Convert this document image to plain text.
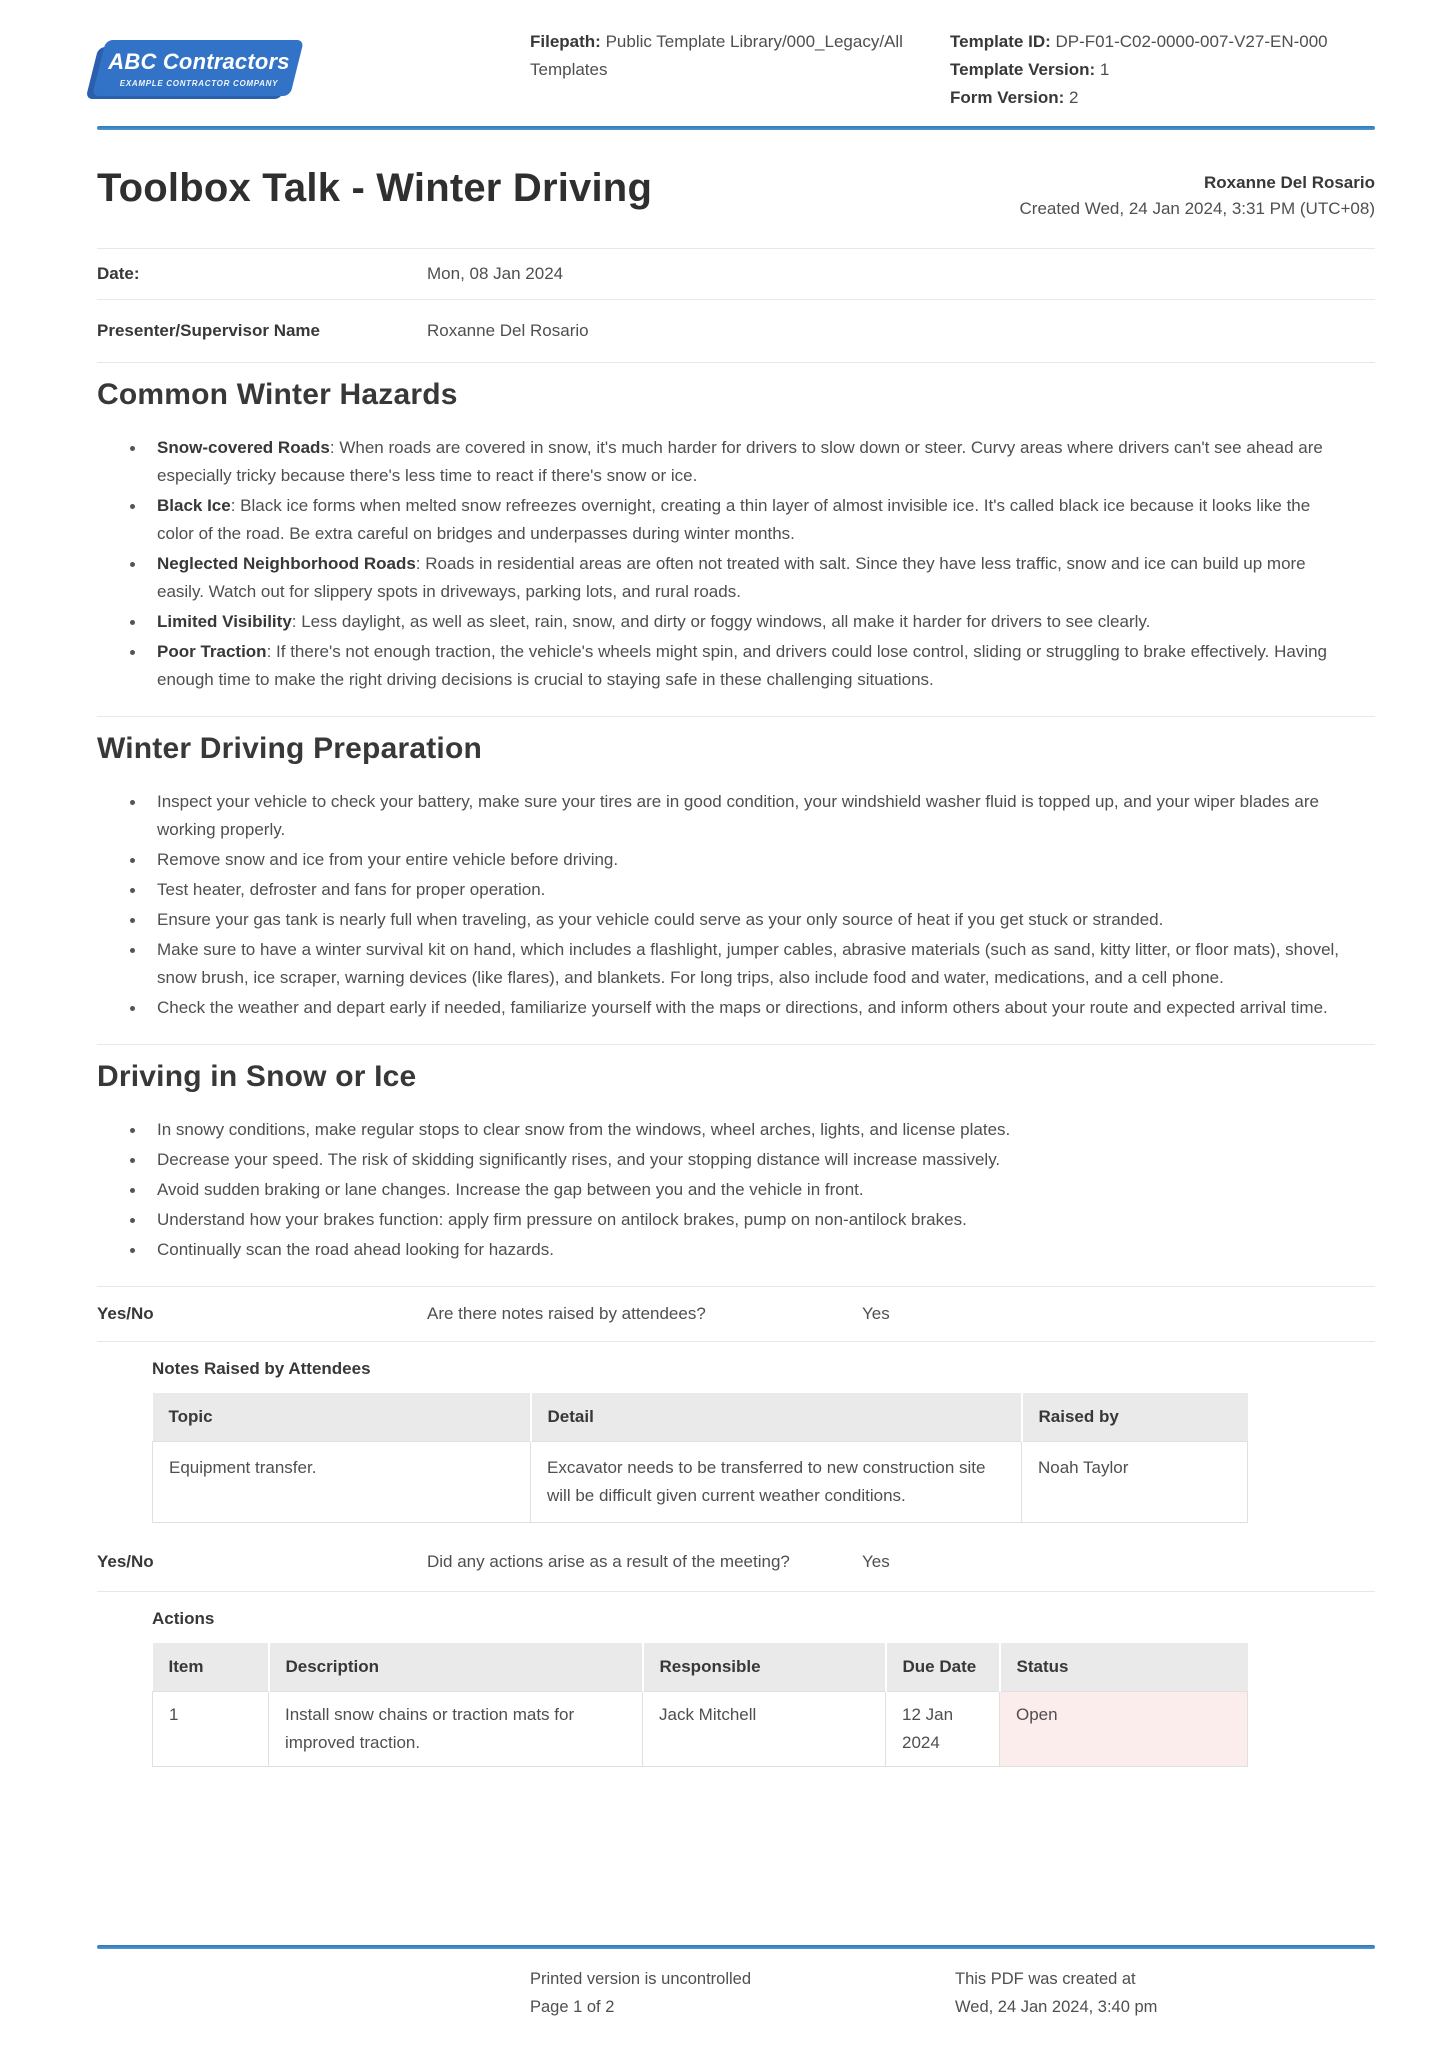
ABC Contractors
EXAMPLE CONTRACTOR COMPANY
Filepath: Public Template Library/000_Legacy/All Templates
Template ID: DP-F01-C02-0000-007-V27-EN-000
Template Version: 1
Form Version: 2
Toolbox Talk - Winter Driving	Roxanne Del Rosario
Created Wed, 24 Jan 2024, 3:31 PM (UTC+08)
Date:	Mon, 08 Jan 2024
Presenter/Supervisor Name	Roxanne Del Rosario
Common Winter Hazards
Snow-covered Roads: When roads are covered in snow, it's much harder for drivers to slow down or steer. Curvy areas where drivers can't see ahead are especially tricky because there's less time to react if there's snow or ice.
Black Ice: Black ice forms when melted snow refreezes overnight, creating a thin layer of almost invisible ice. It's called black ice because it looks like the color of the road. Be extra careful on bridges and underpasses during winter months.
Neglected Neighborhood Roads: Roads in residential areas are often not treated with salt. Since they have less traffic, snow and ice can build up more easily. Watch out for slippery spots in driveways, parking lots, and rural roads.
Limited Visibility: Less daylight, as well as sleet, rain, snow, and dirty or foggy windows, all make it harder for drivers to see clearly.
Poor Traction: If there's not enough traction, the vehicle's wheels might spin, and drivers could lose control, sliding or struggling to brake effectively. Having enough time to make the right driving decisions is crucial to staying safe in these challenging situations.
Winter Driving Preparation
Inspect your vehicle to check your battery, make sure your tires are in good condition, your windshield washer fluid is topped up, and your wiper blades are working properly.
Remove snow and ice from your entire vehicle before driving.
Test heater, defroster and fans for proper operation.
Ensure your gas tank is nearly full when traveling, as your vehicle could serve as your only source of heat if you get stuck or stranded.
Make sure to have a winter survival kit on hand, which includes a flashlight, jumper cables, abrasive materials (such as sand, kitty litter, or floor mats), shovel, snow brush, ice scraper, warning devices (like flares), and blankets. For long trips, also include food and water, medications, and a cell phone.
Check the weather and depart early if needed, familiarize yourself with the maps or directions, and inform others about your route and expected arrival time.
Driving in Snow or Ice
In snowy conditions, make regular stops to clear snow from the windows, wheel arches, lights, and license plates.
Decrease your speed. The risk of skidding significantly rises, and your stopping distance will increase massively.
Avoid sudden braking or lane changes. Increase the gap between you and the vehicle in front.
Understand how your brakes function: apply firm pressure on antilock brakes, pump on non-antilock brakes.
Continually scan the road ahead looking for hazards.
Yes/No	Are there notes raised by attendees?	Yes
Notes Raised by Attendees
Topic	Detail	Raised by
Equipment transfer.	Excavator needs to be transferred to new construction site will be difficult given current weather conditions.	Noah Taylor
Yes/No	Did any actions arise as a result of the meeting?	Yes
Actions
Item	Description	Responsible	Due Date	Status
1	Install snow chains or traction mats for improved traction.	Jack Mitchell	12 Jan 2024	Open
Printed version is uncontrolled
Page 1 of 2
This PDF was created at
Wed, 24 Jan 2024, 3:40 pm
